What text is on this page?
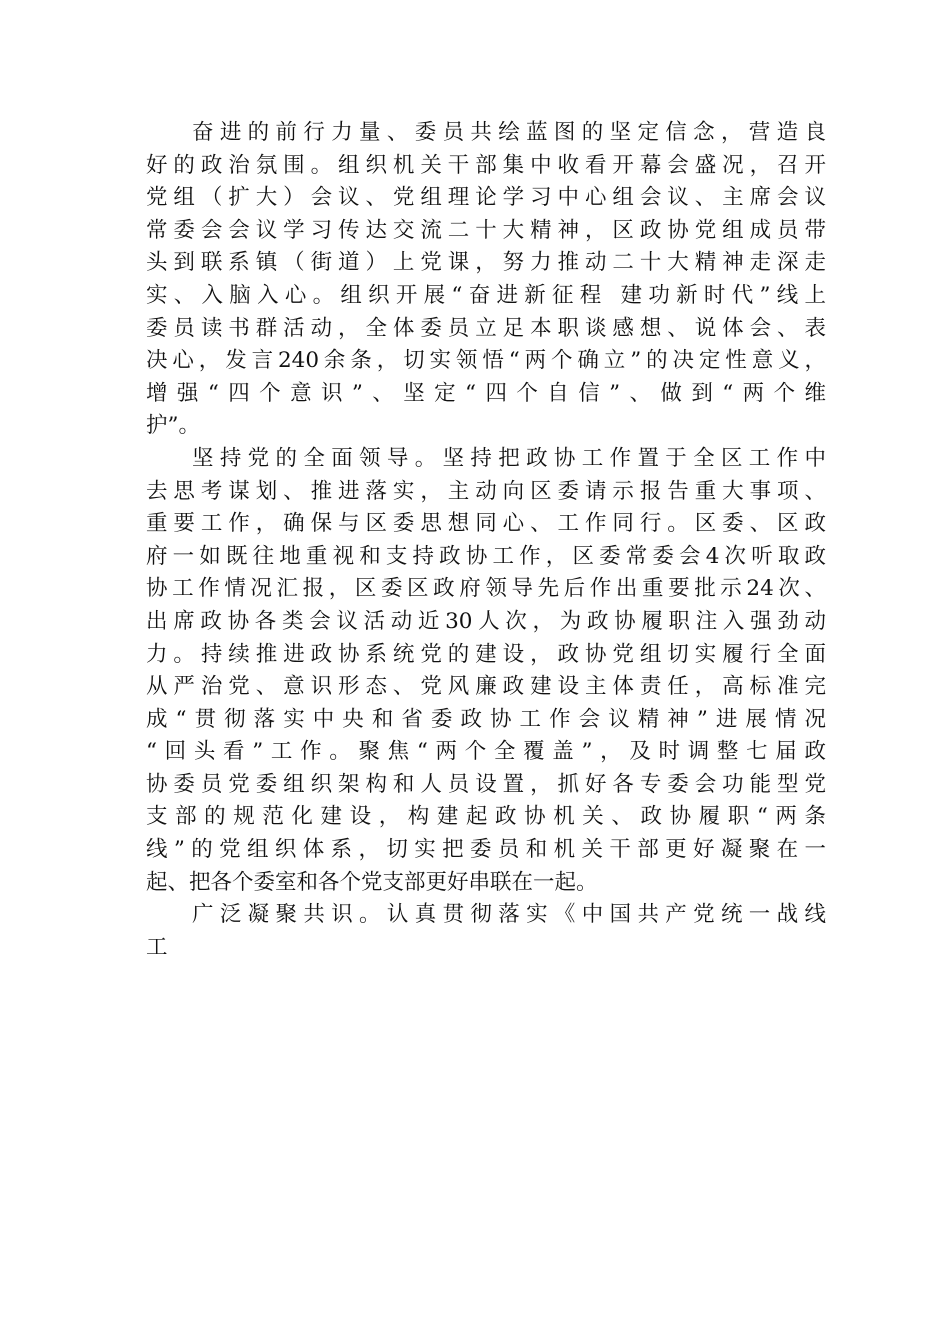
奋进的前行力量、委员共绘蓝图的坚定信念，营造良
好的政治氛围。组织机关干部集中收看开幕会盛况，召开
党组（扩大）会议、党组理论学习中心组会议、主席会议
常委会会议学习传达交流二十大精神，区政协党组成员带
头到联系镇（街道）上党课，努力推动二十大精神走深走
实、入脑入心。组织开展“奋进新征程 建功新时代”线上
委员读书群活动，全体委员立足本职谈感想、说体会、表
决心，发言240余条，切实领悟“两个确立”的决定性意义，
增强“四个意识”、坚定“四个自信”、做到“两个维
护”。
坚持党的全面领导。坚持把政协工作置于全区工作中
去思考谋划、推进落实，主动向区委请示报告重大事项、
重要工作，确保与区委思想同心、工作同行。区委、区政
府一如既往地重视和支持政协工作，区委常委会4次听取政
协工作情况汇报，区委区政府领导先后作出重要批示24次、
出席政协各类会议活动近30人次，为政协履职注入强劲动
力。持续推进政协系统党的建设，政协党组切实履行全面
从严治党、意识形态、党风廉政建设主体责任，高标准完
成“贯彻落实中央和省委政协工作会议精神”进展情况
“回头看”工作。聚焦“两个全覆盖”，及时调整七届政
协委员党委组织架构和人员设置，抓好各专委会功能型党
支部的规范化建设，构建起政协机关、政协履职“两条
线”的党组织体系，切实把委员和机关干部更好凝聚在一
起、把各个委室和各个党支部更好串联在一起。
广泛凝聚共识。认真贯彻落实《中国共产党统一战线
工
